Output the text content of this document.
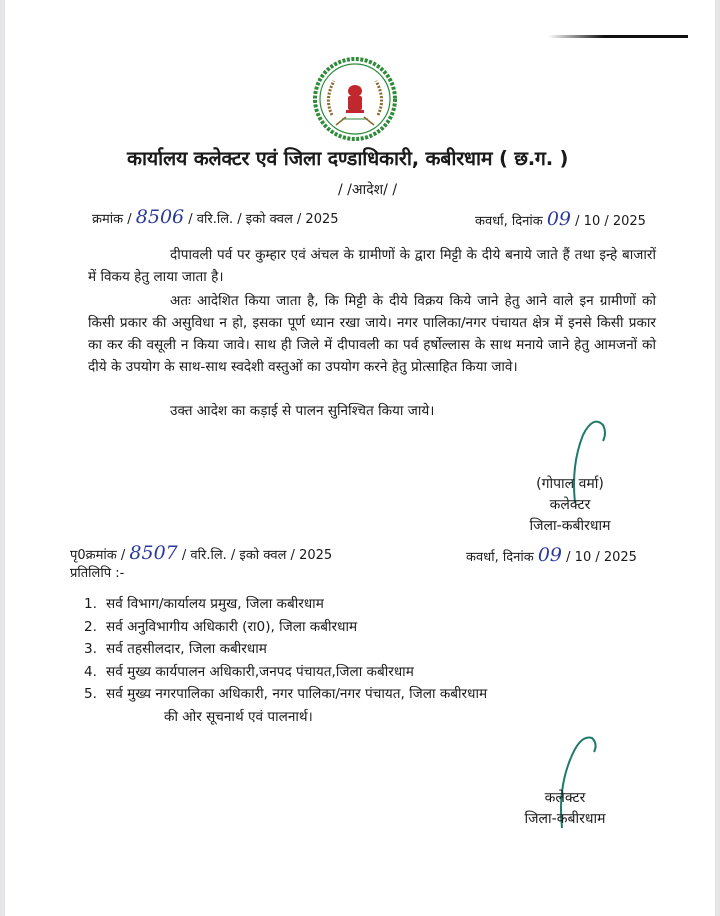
कार्यालय कलेक्टर एवं जिला दण्डाधिकारी, कबीरधाम ( छ.ग. )
/ /आदेश/ /
क्रमांक / 8506 / वरि.लि. / इको क्वल / 2025	कवर्धा, दिनांक 09 / 10 / 2025
दीपावली पर्व पर कुम्हार एवं अंचल के ग्रामीणों के द्वारा मिट्टी के दीये बनाये जाते हैं तथा इन्हे बाजारों में विकय हेतु लाया जाता है।
अतः आदेशित किया जाता है, कि मिट्टी के दीये विक्रय किये जाने हेतु आने वाले इन ग्रामीणों को किसी प्रकार की असुविधा न हो, इसका पूर्ण ध्यान रखा जाये। नगर पालिका/नगर पंचायत क्षेत्र में इनसे किसी प्रकार का कर की वसूली न किया जावे। साथ ही जिले में दीपावली का पर्व हर्षोल्लास के साथ मनाये जाने हेतु आमजनों को दीये के उपयोग के साथ-साथ स्वदेशी वस्तुओं का उपयोग करने हेतु प्रोत्साहित किया जावे।
उक्त आदेश का कड़ाई से पालन सुनिश्चित किया जाये।
(गोपाल वर्मा)
कलेक्टर
जिला-कबीरधाम
पृ0क्रमांक / 8507 / वरि.लि. / इको क्वल / 2025	कवर्धा, दिनांक 09 / 10 / 2025
प्रतिलिपि :-
1. सर्व विभाग/कार्यालय प्रमुख, जिला कबीरधाम
2. सर्व अनुविभागीय अधिकारी (रा0), जिला कबीरधाम
3. सर्व तहसीलदार, जिला कबीरधाम
4. सर्व मुख्य कार्यपालन अधिकारी,जनपद पंचायत,जिला कबीरधाम
5. सर्व मुख्य नगरपालिका अधिकारी, नगर पालिका/नगर पंचायत, जिला कबीरधाम
की ओर सूचनार्थ एवं पालनार्थ।
कलेक्टर
जिला-कबीरधाम
